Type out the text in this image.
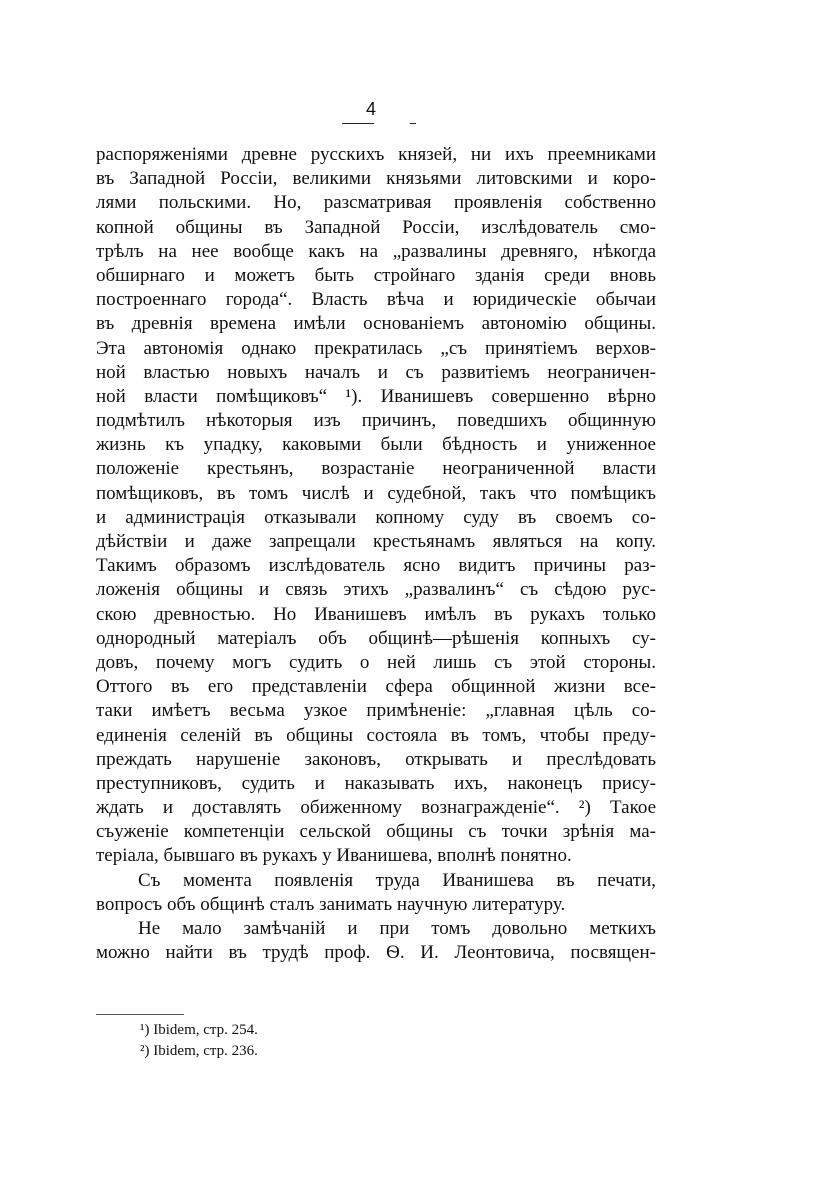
4
распоряженіями древне русскихъ князей, ни ихъ преемниками
въ Западной Россіи, великими князьями литовскими и коро-
лями польскими. Но, разсматривая проявленія собственно
копной общины въ Западной Россіи, изслѣдователь смо-
трѣлъ на нее вообще какъ на „развалины древняго, нѣкогда
обширнаго и можетъ быть стройнаго зданія среди вновь
построеннаго города“. Власть вѣча и юридическіе обычаи
въ древнія времена имѣли основаніемъ автономію общины.
Эта автономія однако прекратилась „съ принятіемъ верхов-
ной властью новыхъ началъ и съ развитіемъ неограничен-
ной власти помѣщиковъ“ ¹). Иванишевъ совершенно вѣрно
подмѣтилъ нѣкоторыя изъ причинъ, поведшихъ общинную
жизнь къ упадку, каковыми были бѣдность и униженное
положеніе крестьянъ, возрастаніе неограниченной власти
помѣщиковъ, въ томъ числѣ и судебной, такъ что помѣщикъ
и администрація отказывали копному суду въ своемъ со-
дѣйствіи и даже запрещали крестьянамъ являться на копу.
Такимъ образомъ изслѣдователь ясно видитъ причины раз-
ложенія общины и связь этихъ „развалинъ“ съ сѣдою рус-
скою древностью. Но Иванишевъ имѣлъ въ рукахъ только
однородный матеріалъ объ общинѣ—рѣшенія копныхъ су-
довъ, почему могъ судить о ней лишь съ этой стороны.
Оттого въ его представленіи сфера общинной жизни все-
таки имѣетъ весьма узкое примѣненіе: „главная цѣль со-
единенія селеній въ общины состояла въ томъ, чтобы преду-
преждать нарушеніе законовъ, открывать и преслѣдовать
преступниковъ, судить и наказывать ихъ, наконецъ прису-
ждать и доставлять обиженному вознагражденіе“. ²) Такое
съуженіе компетенціи сельской общины съ точки зрѣнія ма-
теріала, бывшаго въ рукахъ у Иванишева, вполнѣ понятно.
Съ момента появленія труда Иванишева въ печати,
вопросъ объ общинѣ сталъ занимать научную литературу.
Не мало замѣчаній и при томъ довольно меткихъ
можно найти въ трудѣ проф. Ѳ. И. Леонтовича, посвящен-
¹) Ibidem, стр. 254.
²) Ibidem, стр. 236.
